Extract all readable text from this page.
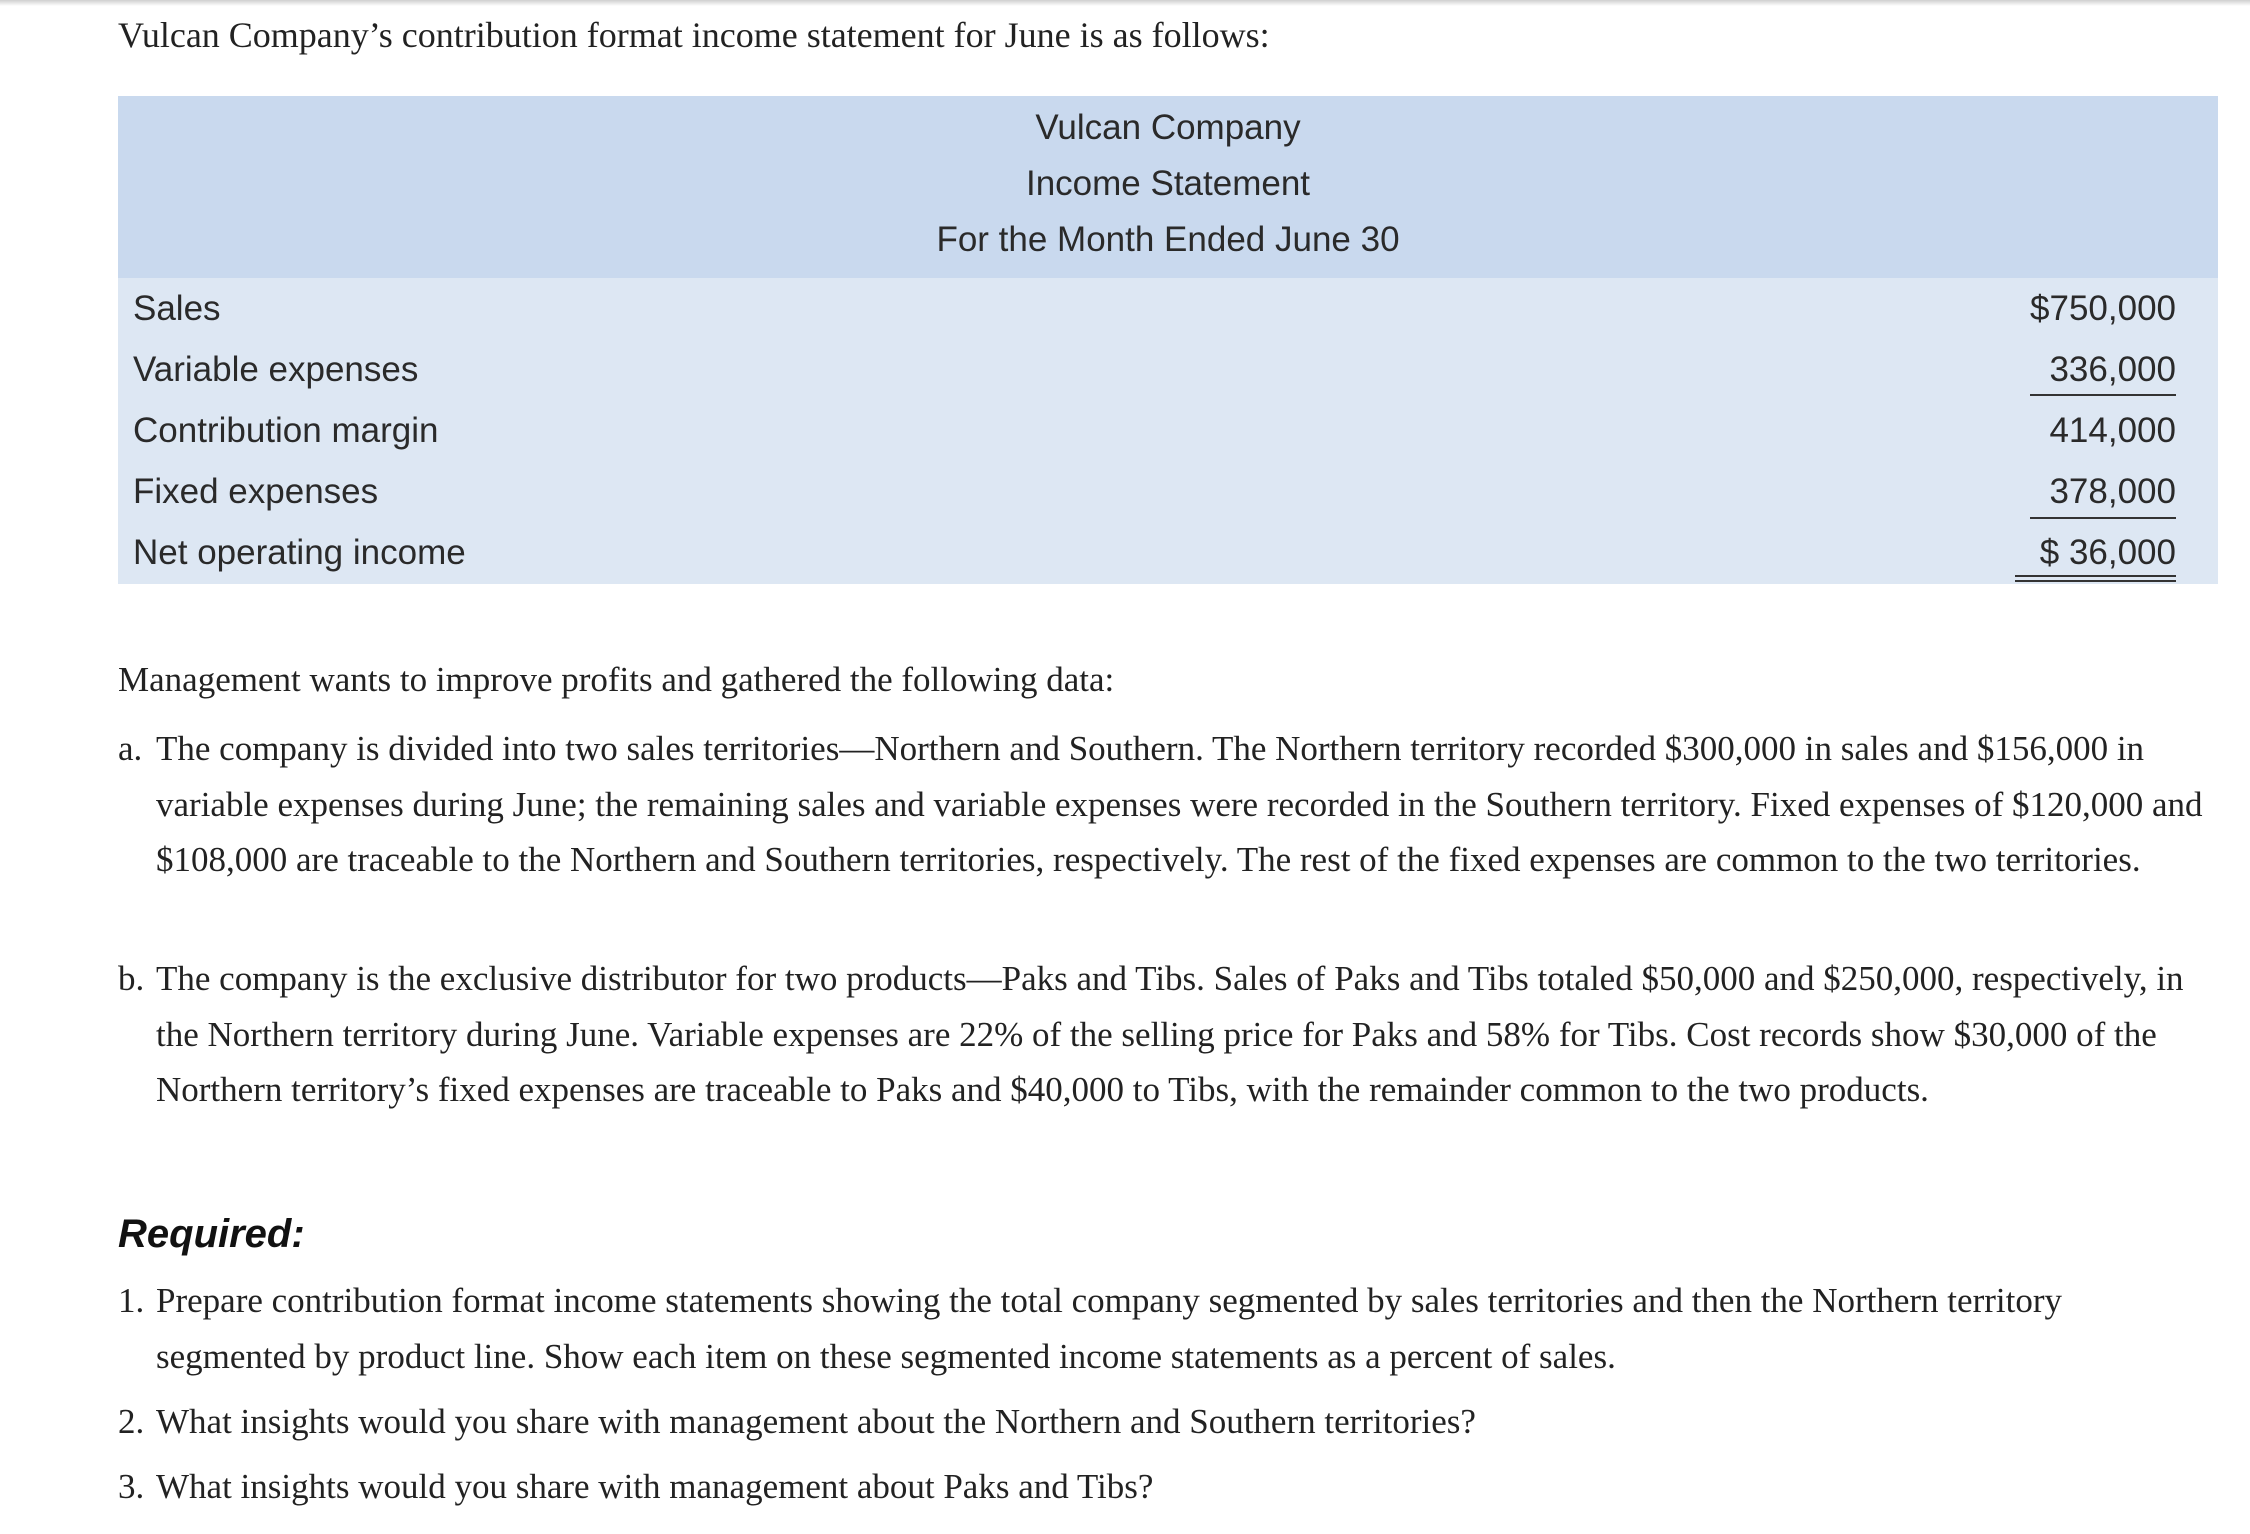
Vulcan Company’s contribution format income statement for June is as follows:
Vulcan Company
Income Statement
For the Month Ended June 30
Sales	$750,000
Variable expenses	336,000
Contribution margin	414,000
Fixed expenses	378,000
Net operating income	$ 36,000
Management wants to improve profits and gathered the following data:
a. The company is divided into two sales territories—Northern and Southern. The Northern territory recorded $300,000 in sales and $156,000 in variable expenses during June; the remaining sales and variable expenses were recorded in the Southern territory. Fixed expenses of $120,000 and $108,000 are traceable to the Northern and Southern territories, respectively. The rest of the fixed expenses are common to the two territories.
b. The company is the exclusive distributor for two products—Paks and Tibs. Sales of Paks and Tibs totaled $50,000 and $250,000, respectively, in the Northern territory during June. Variable expenses are 22% of the selling price for Paks and 58% for Tibs. Cost records show $30,000 of the Northern territory’s fixed expenses are traceable to Paks and $40,000 to Tibs, with the remainder common to the two products.
Required:
1. Prepare contribution format income statements showing the total company segmented by sales territories and then the Northern territory segmented by product line. Show each item on these segmented income statements as a percent of sales.
2. What insights would you share with management about the Northern and Southern territories?
3. What insights would you share with management about Paks and Tibs?
